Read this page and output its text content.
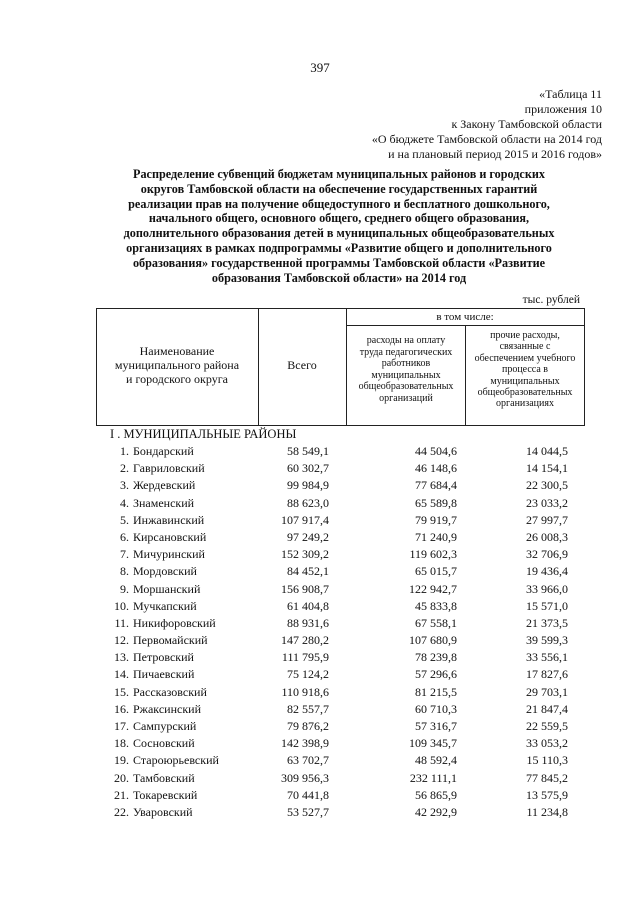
397
«Таблица 11
приложения 10
к Закону Тамбовской области
«О бюджете Тамбовской области на 2014 год
и на плановый период 2015 и 2016 годов»
Распределение субвенций бюджетам муниципальных районов и городских
округов Тамбовской области на обеспечение государственных гарантий
реализации прав на получение общедоступного и бесплатного дошкольного,
начального общего, основного общего, среднего общего образования,
дополнительного образования детей в муниципальных общеобразовательных
организациях в рамках подпрограммы «Развитие общего и дополнительного
образования» государственной программы Тамбовской области «Развитие
образования Тамбовской области» на 2014 год
тыс. рублей
Наименование
муниципального района
и городского округа
Всего
в том числе:
расходы на оплату
труда педагогических
работников
муниципальных
общеобразовательных
организаций
прочие расходы,
связанные с
обеспечением учебного
процесса в
муниципальных
общеобразовательных
организациях
I . МУНИЦИПАЛЬНЫЕ РАЙОНЫ
1. Бондарский	58 549,1	44 504,6	14 044,5
2. Гавриловский	60 302,7	46 148,6	14 154,1
3. Жердевский	99 984,9	77 684,4	22 300,5
4. Знаменский	88 623,0	65 589,8	23 033,2
5. Инжавинский	107 917,4	79 919,7	27 997,7
6. Кирсановский	97 249,2	71 240,9	26 008,3
7. Мичуринский	152 309,2	119 602,3	32 706,9
8. Мордовский	84 452,1	65 015,7	19 436,4
9. Моршанский	156 908,7	122 942,7	33 966,0
10. Мучкапский	61 404,8	45 833,8	15 571,0
11. Никифоровский	88 931,6	67 558,1	21 373,5
12. Первомайский	147 280,2	107 680,9	39 599,3
13. Петровский	111 795,9	78 239,8	33 556,1
14. Пичаевский	75 124,2	57 296,6	17 827,6
15. Рассказовский	110 918,6	81 215,5	29 703,1
16. Ржаксинский	82 557,7	60 710,3	21 847,4
17. Сампурский	79 876,2	57 316,7	22 559,5
18. Сосновский	142 398,9	109 345,7	33 053,2
19. Староюрьевский	63 702,7	48 592,4	15 110,3
20. Тамбовский	309 956,3	232 111,1	77 845,2
21. Токаревский	70 441,8	56 865,9	13 575,9
22. Уваровский	53 527,7	42 292,9	11 234,8
